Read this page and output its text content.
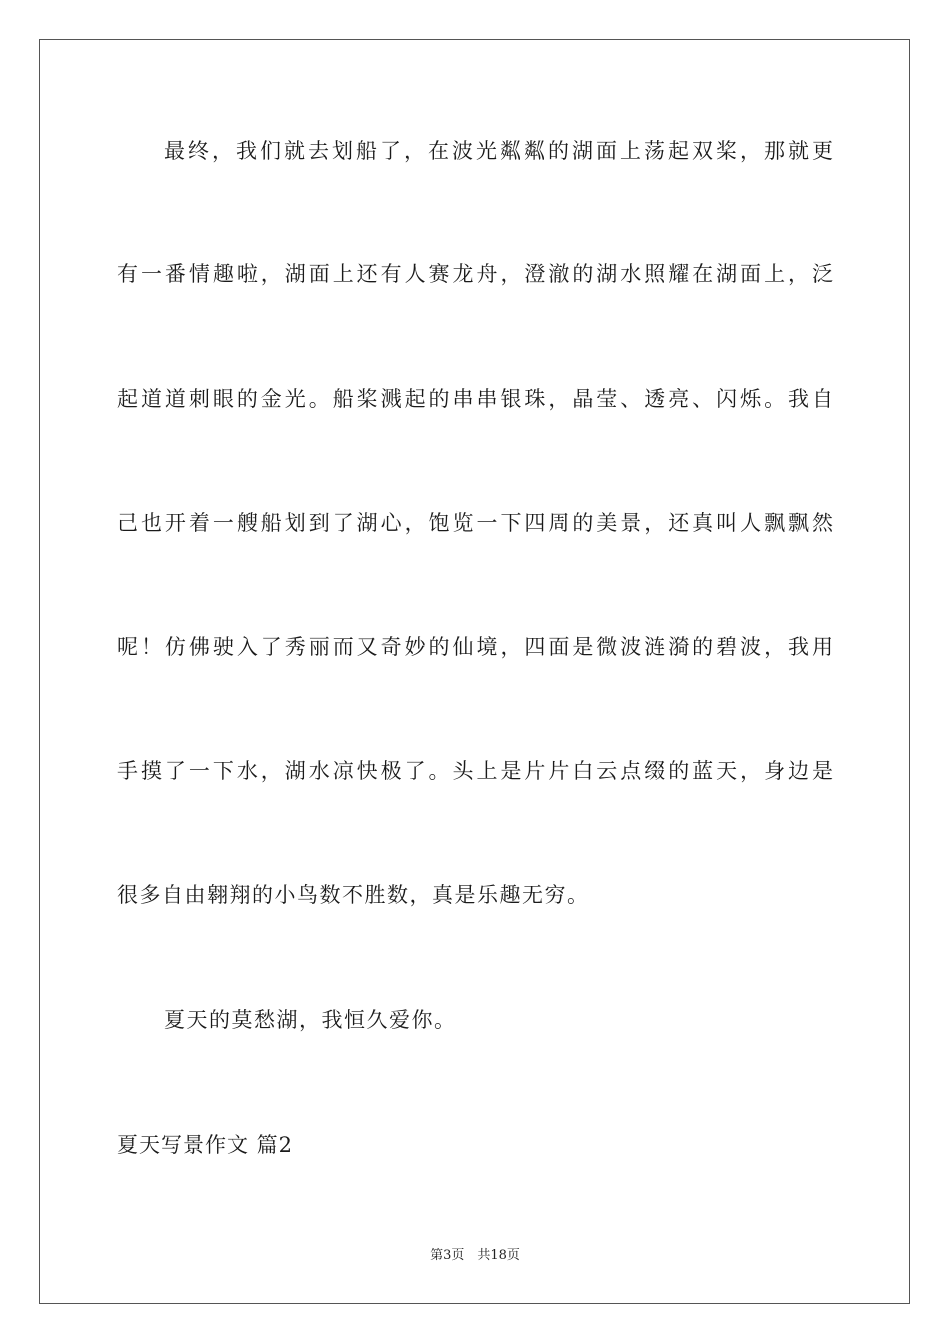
最终，我们就去划船了，在波光粼粼的湖面上荡起双桨，那就更
有一番情趣啦，湖面上还有人赛龙舟，澄澈的湖水照耀在湖面上，泛
起道道刺眼的金光。船桨溅起的串串银珠，晶莹、透亮、闪烁。我自
己也开着一艘船划到了湖心，饱览一下四周的美景，还真叫人飘飘然
呢！仿佛驶入了秀丽而又奇妙的仙境，四面是微波涟漪的碧波，我用
手摸了一下水，湖水凉快极了。头上是片片白云点缀的蓝天，身边是
很多自由翱翔的小鸟数不胜数，真是乐趣无穷。
夏天的莫愁湖，我恒久爱你。
夏天写景作文 篇2
第3页　共18页
